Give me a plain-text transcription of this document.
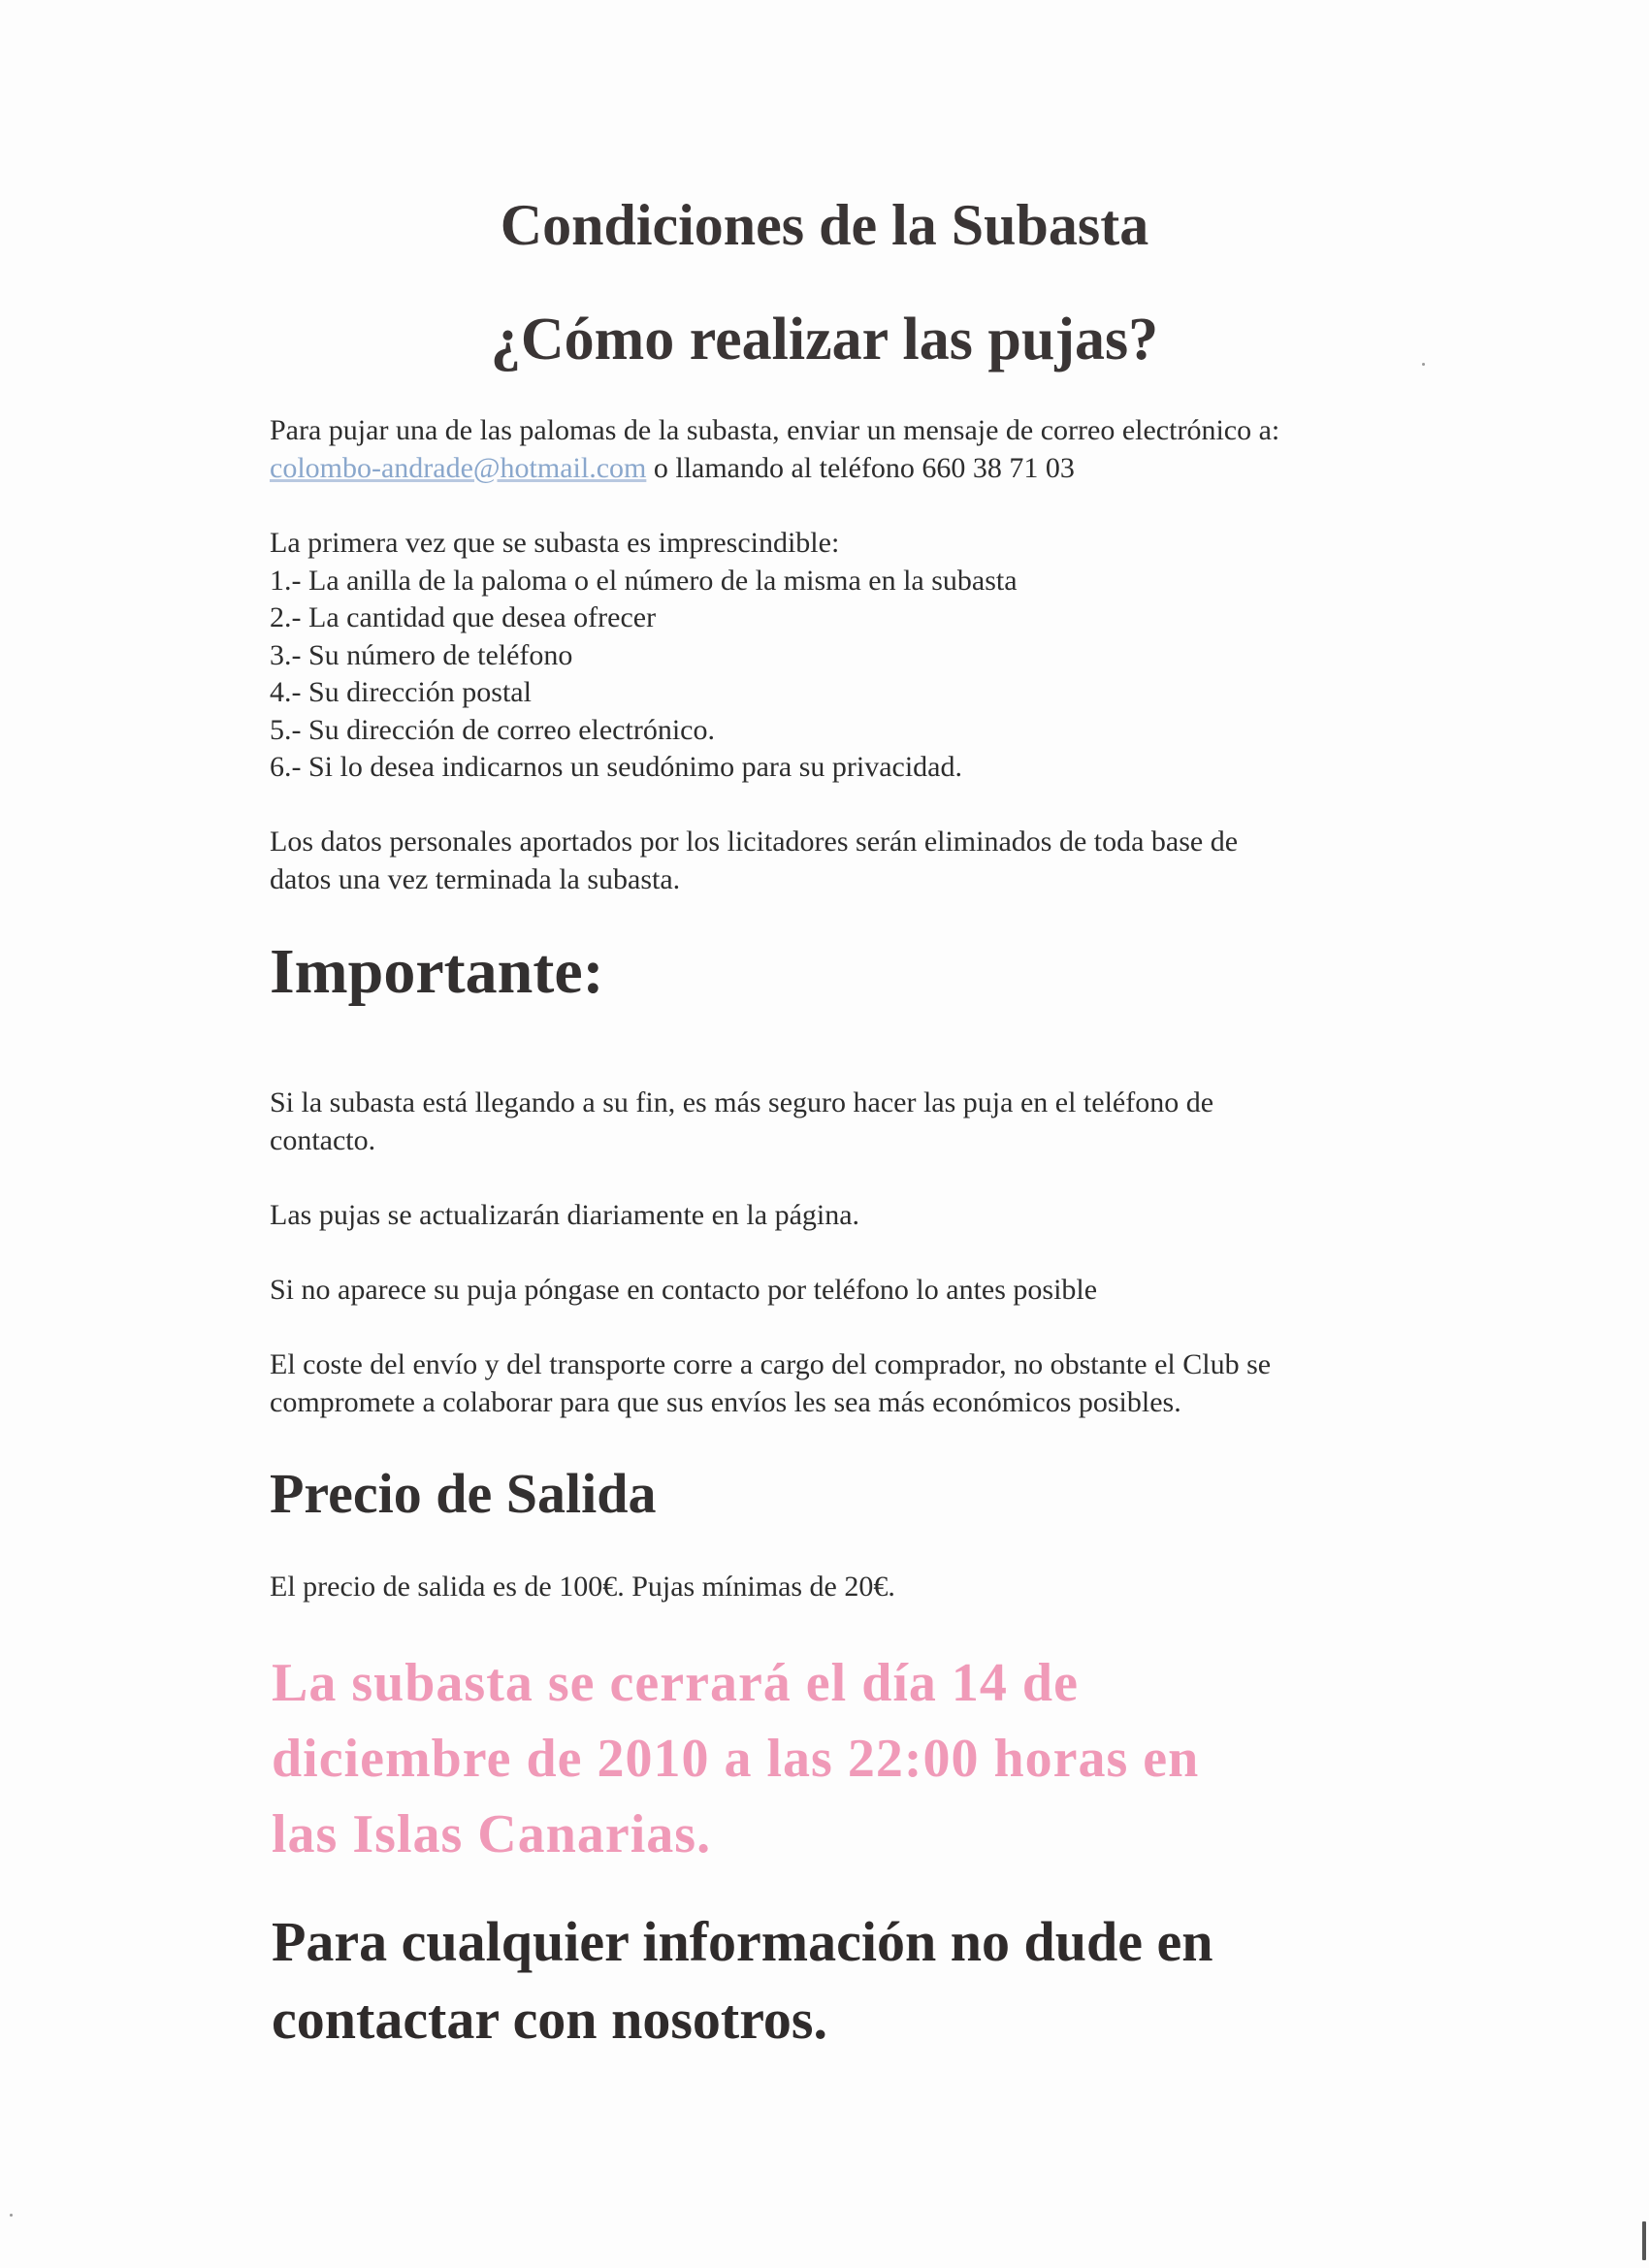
Condiciones de la Subasta
¿Cómo realizar las pujas?

Para pujar una de las palomas de la subasta, enviar un mensaje de correo electrónico a:

colombo-andrade@hotmail.com o llamando al teléfono 660 38 71 03

La primera vez que se subasta es imprescindible:

1.- La anilla de la paloma o el número de la misma en la subasta

2.- La cantidad que desea ofrecer

3.- Su número de teléfono

4.- Su dirección postal

5.- Su dirección de correo electrónico.

6.- Si lo desea indicarnos un seudónimo para su privacidad.

Los datos personales aportados por los licitadores serán eliminados de toda base de

datos una vez terminada la subasta.

Importante:

Si la subasta está llegando a su fin, es más seguro hacer las puja en el teléfono de

contacto.

Las pujas se actualizarán diariamente en la página.

Si no aparece su puja póngase en contacto por teléfono lo antes posible

El coste del envío y del transporte corre a cargo del comprador, no obstante el Club se

compromete a colaborar para que sus envíos les sea más económicos posibles.

Precio de Salida

El precio de salida es de 100€. Pujas mínimas de 20€.

La subasta se cerrará el día 14 de
diciembre de 2010 a las 22:00 horas en
las Islas Canarias.

Para cualquier información no dude en
contactar con nosotros.
